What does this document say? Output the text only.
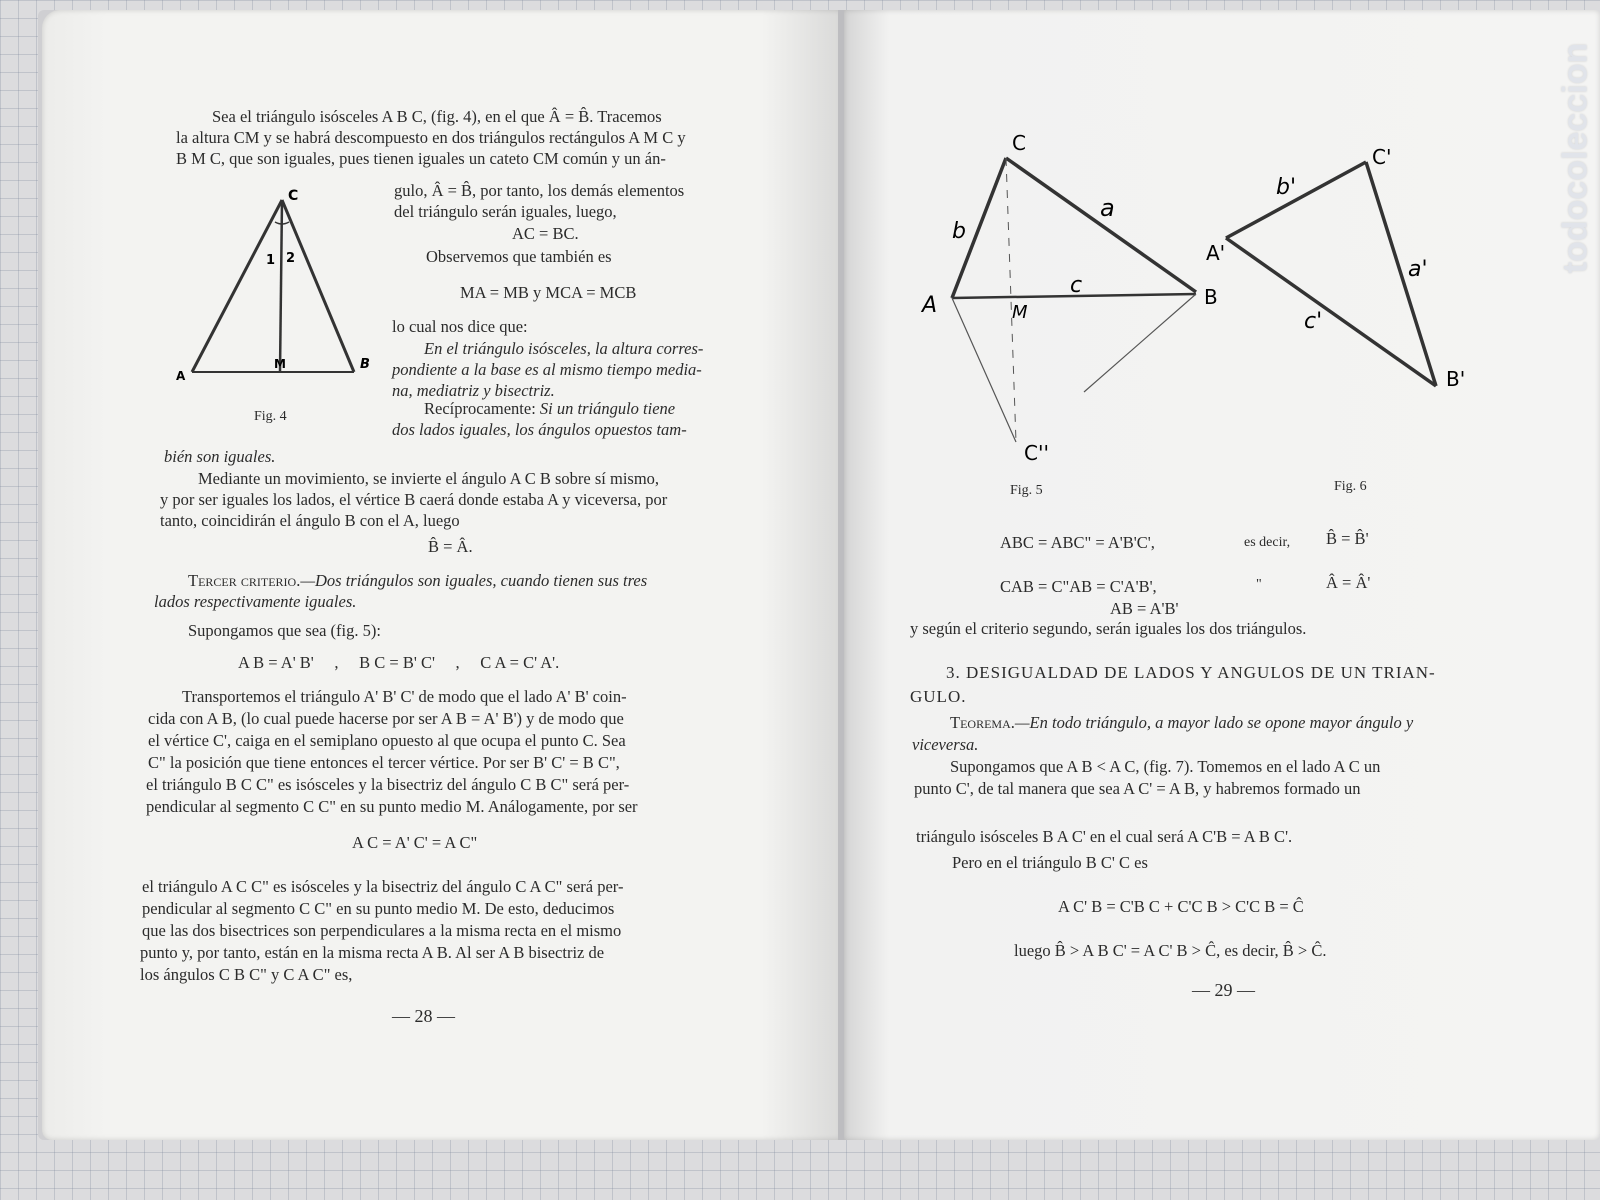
Sea el triángulo isósceles A B C, (fig. 4), en el que Â = B̂. Tracemos
la altura CM y se habrá descompuesto en dos triángulos rectángulos A M C y
B M C, que son iguales, pues tienen iguales un cateto CM común y un án-
C
A
M	B
1 2
Fig. 4
gulo, Â = B̂, por tanto, los demás elementos
del triángulo serán iguales, luego,
AC = BC.
Observemos que también es
MA = MB y MCA = MCB
lo cual nos dice que:
En el triángulo isósceles, la altura corres-
pondiente a la base es al mismo tiempo media-
na, mediatriz y bisectriz.
Recíprocamente: Si un triángulo tiene
dos lados iguales, los ángulos opuestos tam-
bién son iguales.
Mediante un movimiento, se invierte el ángulo A C B sobre sí mismo,
y por ser iguales los lados, el vértice B caerá donde estaba A y viceversa, por
tanto, coincidirán el ángulo B con el A, luego
B̂ = Â.
Tercer criterio.—Dos triángulos son iguales, cuando tienen sus tres
lados respectivamente iguales.
Supongamos que sea (fig. 5):
A B = A' B'     ,     B C = B' C'     ,     C A = C' A'.
Transportemos el triángulo A' B' C' de modo que el lado A' B' coin-
cida con A B, (lo cual puede hacerse por ser A B = A' B') y de modo que
el vértice C', caiga en el semiplano opuesto al que ocupa el punto C. Sea
C" la posición que tiene entonces el tercer vértice. Por ser B' C' = B C",
el triángulo B C C" es isósceles y la bisectriz del ángulo C B C" será per-
pendicular al segmento C C" en su punto medio M. Análogamente, por ser
A C = A' C' = A C"
el triángulo A C C" es isósceles y la bisectriz del ángulo C A C" será per-
pendicular al segmento C C" en su punto medio M. De esto, deducimos
que las dos bisectrices son perpendiculares a la misma recta en el mismo
punto y, por tanto, están en la misma recta A B. Al ser A B bisectriz de
los ángulos C B C" y C A C" es,
— 28 —
C
A	B
M
C''
a
b
c
Fig. 5
C'
A'
B'
b'
a'
c'
Fig. 6
ABC = ABC" = A'B'C',	es decir, B̂ = B̂'
CAB = C"AB = C'A'B',	"	Â = Â'
AB = A'B'
y según el criterio segundo, serán iguales los dos triángulos.
3. DESIGUALDAD DE LADOS Y ANGULOS DE UN TRIAN-
GULO.
Teorema.—En todo triángulo, a mayor lado se opone mayor ángulo y
viceversa.
Supongamos que A B < A C, (fig. 7). Tomemos en el lado A C un
punto C', de tal manera que sea A C' = A B, y habremos formado un
triángulo isósceles B A C' en el cual será A C'B = A B C'.
Pero en el triángulo B C' C es
A C' B = C'B C + C'C B > C'C B = Ĉ
luego B̂ > A B C' = A C' B > Ĉ, es decir, B̂ > Ĉ.
— 29 —
todocoleccion
